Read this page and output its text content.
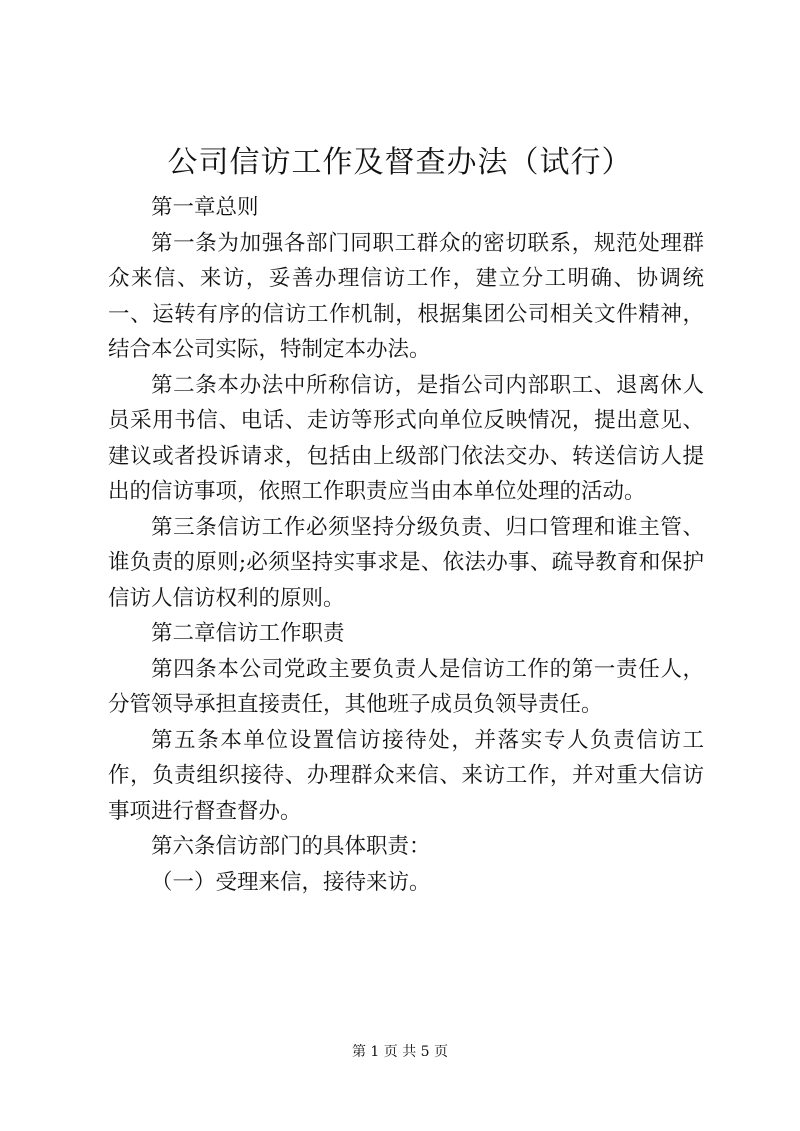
公司信访工作及督查办法（试行）

第一章总则

第一条为加强各部门同职工群众的密切联系，规范处理群众来信、来访，妥善办理信访工作，建立分工明确、协调统一、运转有序的信访工作机制，根据集团公司相关文件精神，结合本公司实际，特制定本办法。

第二条本办法中所称信访，是指公司内部职工、退离休人员采用书信、电话、走访等形式向单位反映情况，提出意见、建议或者投诉请求，包括由上级部门依法交办、转送信访人提出的信访事项，依照工作职责应当由本单位处理的活动。

第三条信访工作必须坚持分级负责、归口管理和谁主管、谁负责的原则;必须坚持实事求是、依法办事、疏导教育和保护信访人信访权利的原则。

第二章信访工作职责

第四条本公司党政主要负责人是信访工作的第一责任人，分管领导承担直接责任，其他班子成员负领导责任。

第五条本单位设置信访接待处，并落实专人负责信访工作，负责组织接待、办理群众来信、来访工作，并对重大信访事项进行督查督办。

第六条信访部门的具体职责：

（一）受理来信，接待来访。

第 1 页 共 5 页
